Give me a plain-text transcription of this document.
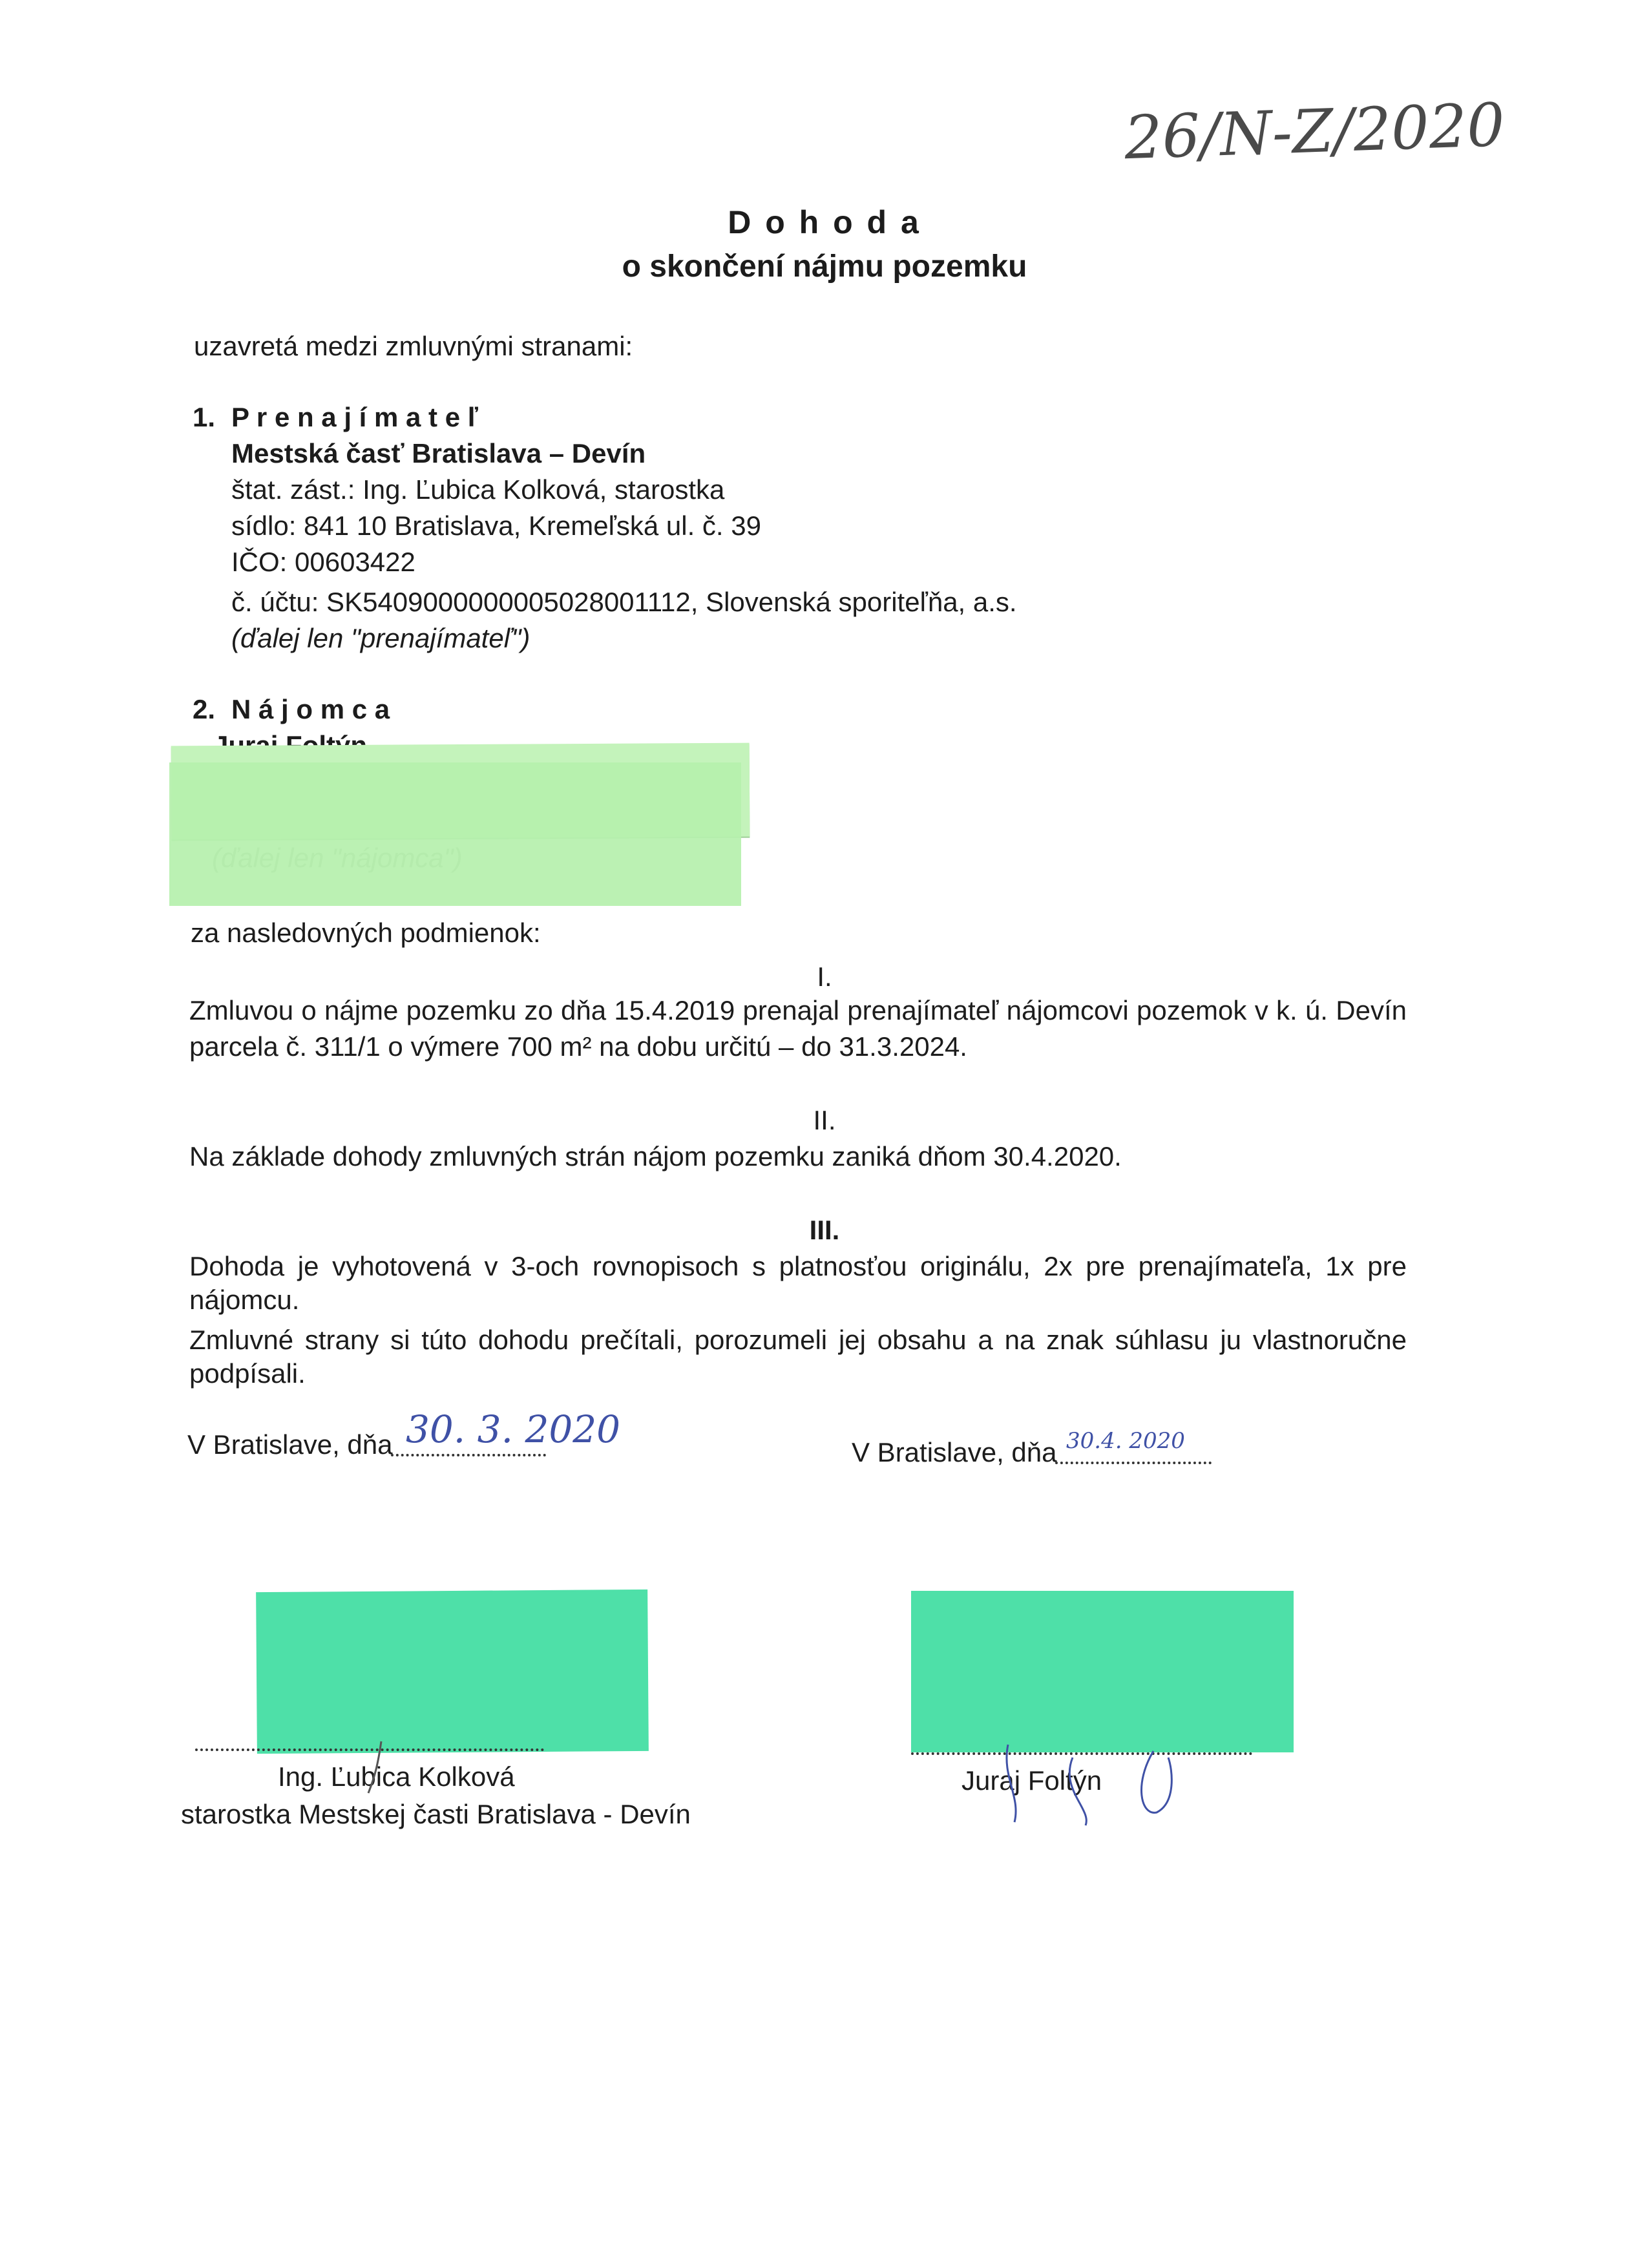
26/N-Z/2020
D o h o d a
o skončení nájmu pozemku
uzavretá medzi zmluvnými stranami:
1. P r e n a j í m a t e ľ
Mestská časť Bratislava – Devín
štat. zást.: Ing. Ľubica Kolková, starostka
sídlo: 841 10 Bratislava, Kremeľská ul. č. 39
IČO: 00603422
č. účtu: SK5409000000005028001112, Slovenská sporiteľňa, a.s.
(ďalej len "prenajímateľ")
2. N á j o m c a
za nasledovných podmienok:
I.
Zmluvou o nájme pozemku zo dňa 15.4.2019 prenajal prenajímateľ nájomcovi pozemok v k. ú. Devín
parcela č. 311/1 o výmere 700 m² na dobu určitú – do 31.3.2024.
II.
Na základe dohody zmluvných strán nájom pozemku zaniká dňom 30.4.2020.
III.
Dohoda je vyhotovená v 3-och rovnopisoch s platnosťou originálu, 2x pre prenajímateľa, 1x pre
nájomcu.
Zmluvné strany si túto dohodu prečítali, porozumeli jej obsahu a na znak súhlasu ju vlastnoručne
podpísali.
V Bratislave, dňa 30. 3. 2020
V Bratislave, dňa 30.4. 2020
Ing. Ľubica Kolková
starostka Mestskej časti Bratislava - Devín
Juraj Foltýn
